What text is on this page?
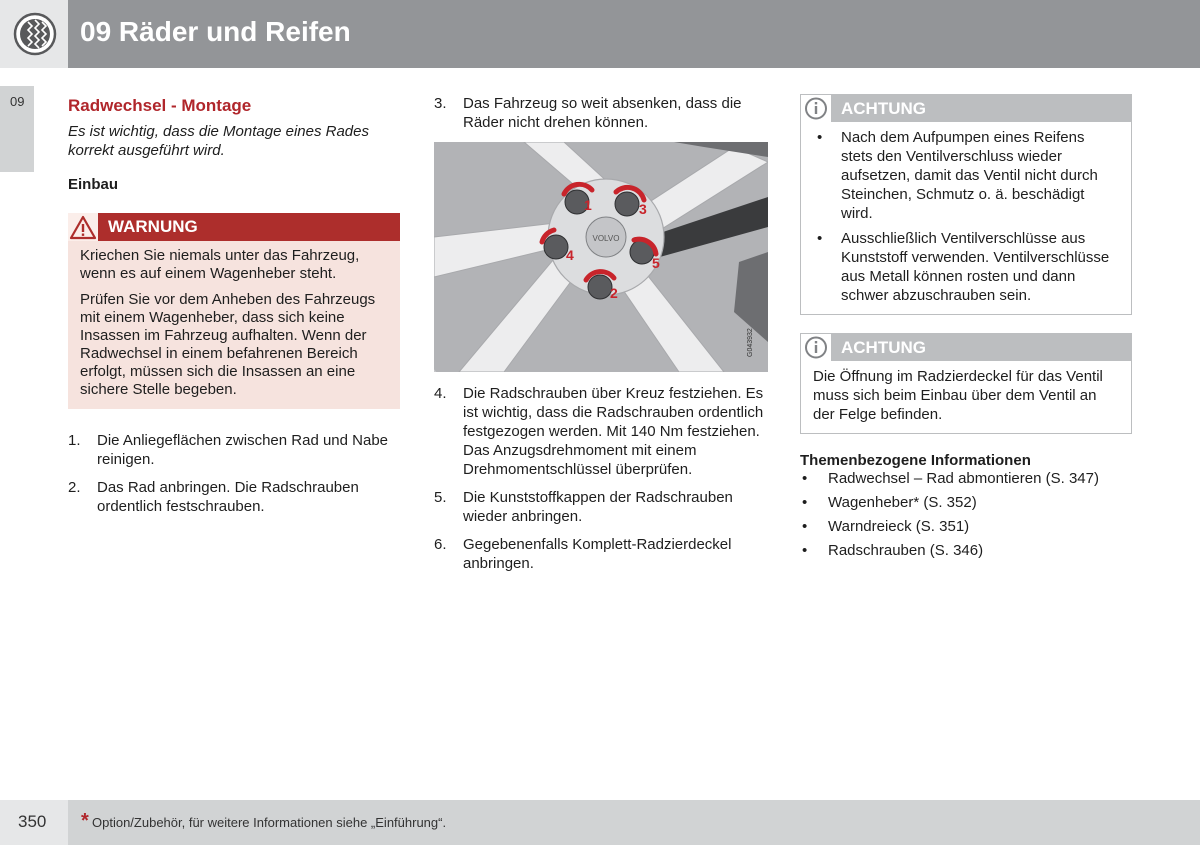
09 Räder und Reifen
09	Radwechsel - Montage

Es ist wichtig, dass die Montage eines Rades korrekt ausgeführt wird.

Einbau

WARNUNG

Kriechen Sie niemals unter das Fahrzeug, wenn es auf einem Wagenheber steht.

Prüfen Sie vor dem Anheben des Fahrzeugs mit einem Wagenheber, dass sich keine Insassen im Fahrzeug aufhalten. Wenn der Radwechsel in einem befahrenen Bereich erfolgt, müssen sich die Insassen an eine sichere Stelle begeben.

1. Die Anliegeflächen zwischen Rad und Nabe reinigen.
2. Das Rad anbringen. Die Radschrauben ordentlich festschrauben.
3. Das Fahrzeug so weit absenken, dass die Räder nicht drehen können.
VOLVO
1
2
3
4	5
G043932
4. Die Radschrauben über Kreuz festziehen. Es ist wichtig, dass die Radschrauben ordentlich festgezogen werden. Mit 140 Nm festziehen. Das Anzugsdrehmoment mit einem Drehmomentschlüssel überprüfen.
5. Die Kunststoffkappen der Radschrauben wieder anbringen.
6. Gegebenenfalls Komplett-Radzierdeckel anbringen.
ACHTUNG
• Nach dem Aufpumpen eines Reifens stets den Ventilverschluss wieder aufsetzen, damit das Ventil nicht durch Steinchen, Schmutz o. ä. beschädigt wird.
• Ausschließlich Ventilverschlüsse aus Kunststoff verwenden. Ventilverschlüsse aus Metall können rosten und dann schwer abzuschrauben sein.
ACHTUNG
Die Öffnung im Radzierdeckel für das Ventil muss sich beim Einbau über dem Ventil an der Felge befinden.

Themenbezogene Informationen

• Radwechsel – Rad abmontieren (S. 347)
• Wagenheber* (S. 352)
• Warndreieck (S. 351)
• Radschrauben (S. 346)
350 * Option/Zubehör, für weitere Informationen siehe „Einführung“.
